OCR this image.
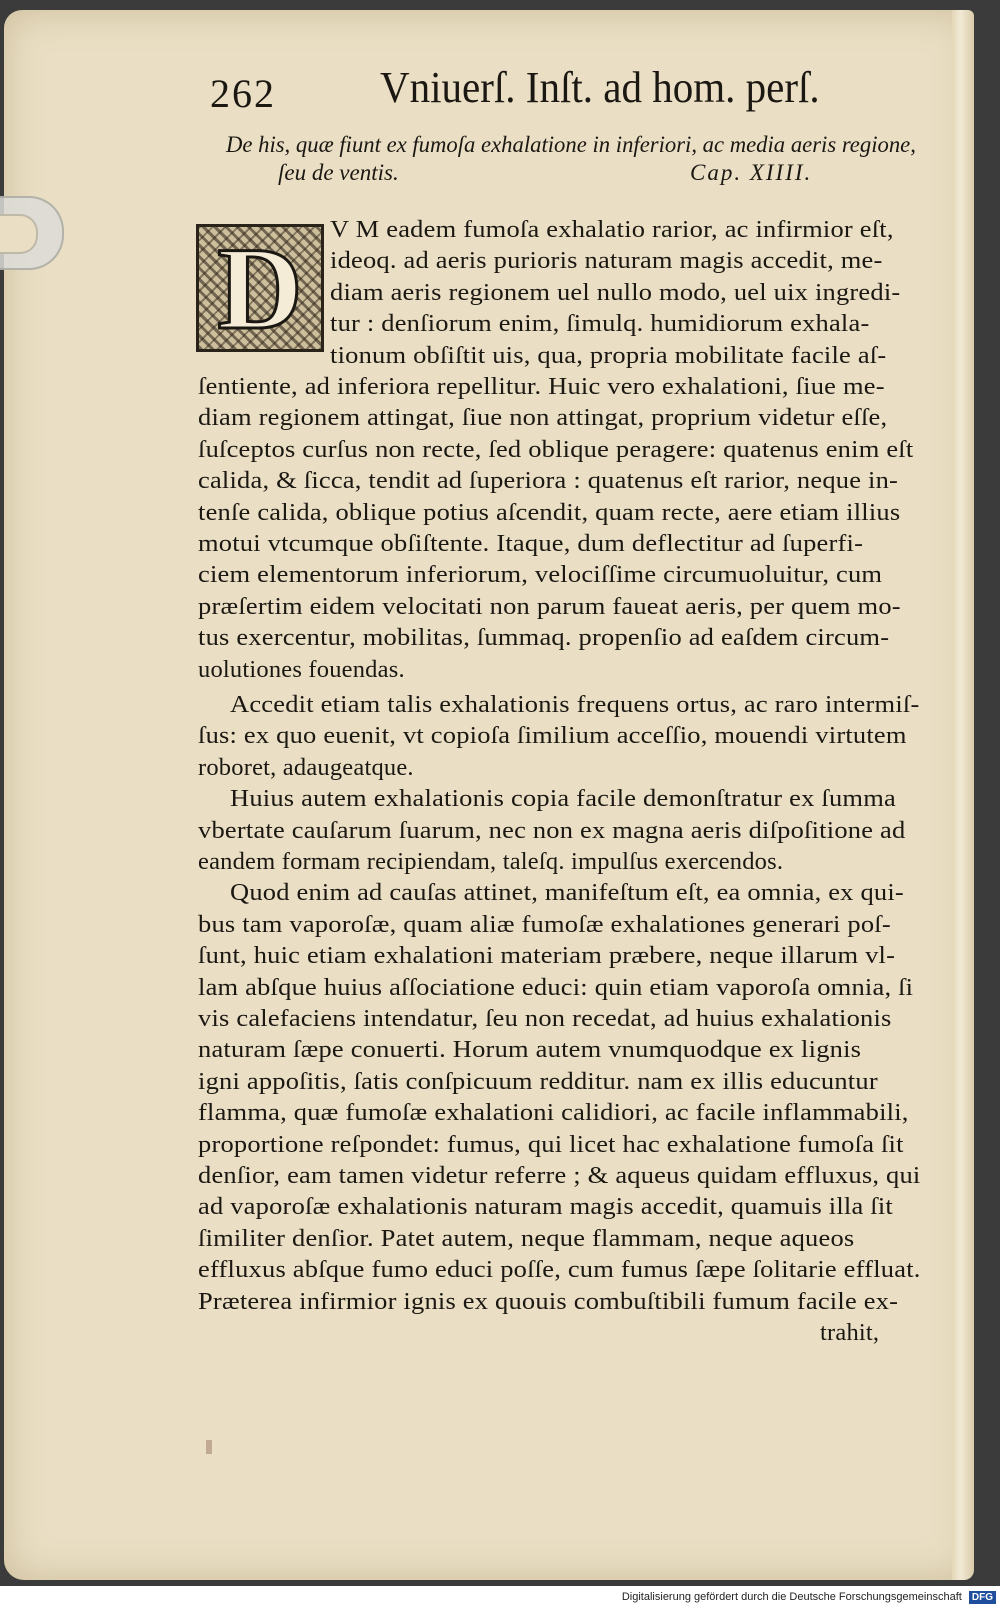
262 Vniuerſ. Inſt. ad hom. perſ.
De his, quæ fiunt ex fumoſa exhalatione in inferiori, ac media aeris regione,
ſeu de ventis.	Cap. XIIII.
D	V M eadem fumoſa exhalatio rarior, ac infirmior eſt,
ideoq. ad aeris purioris naturam magis accedit, me-
diam aeris regionem uel nullo modo, uel uix ingredi-
tur : denſiorum enim, ſimulq. humidiorum exhala-
tionum obſiſtit uis, qua, propria mobilitate facile aſ-
ſentiente, ad inferiora repellitur. Huic vero exhalationi, ſiue me-
diam regionem attingat, ſiue non attingat, proprium videtur eſſe,
ſuſceptos curſus non recte, ſed oblique peragere: quatenus enim eſt
calida, & ſicca, tendit ad ſuperiora : quatenus eſt rarior, neque in-
tenſe calida, oblique potius aſcendit, quam recte, aere etiam illius
motui vtcumque obſiſtente. Itaque, dum deflectitur ad ſuperfi-
ciem elementorum inferiorum, velociſſime circumuoluitur, cum
præſertim eidem velocitati non parum faueat aeris, per quem mo-
tus exercentur, mobilitas, ſummaq. propenſio ad eaſdem circum-
uolutiones fouendas.
Accedit etiam talis exhalationis frequens ortus, ac raro intermiſ-
ſus: ex quo euenit, vt copioſa ſimilium acceſſio, mouendi virtutem
roboret, adaugeatque.
Huius autem exhalationis copia facile demonſtratur ex ſumma
vbertate cauſarum ſuarum, nec non ex magna aeris diſpoſitione ad
eandem formam recipiendam, taleſq. impulſus exercendos.
Quod enim ad cauſas attinet, manifeſtum eſt, ea omnia, ex qui-
bus tam vaporoſæ, quam aliæ fumoſæ exhalationes generari poſ-
ſunt, huic etiam exhalationi materiam præbere, neque illarum vl-
lam abſque huius aſſociatione educi: quin etiam vaporoſa omnia, ſi
vis calefaciens intendatur, ſeu non recedat, ad huius exhalationis
naturam ſæpe conuerti. Horum autem vnumquodque ex lignis
igni appoſitis, ſatis conſpicuum redditur. nam ex illis educuntur
flamma, quæ fumoſæ exhalationi calidiori, ac facile inflammabili,
proportione reſpondet: fumus, qui licet hac exhalatione fumoſa ſit
denſior, eam tamen videtur referre ; & aqueus quidam effluxus, qui
ad vaporoſæ exhalationis naturam magis accedit, quamuis illa ſit
ſimiliter denſior. Patet autem, neque flammam, neque aqueos
effluxus abſque fumo educi poſſe, cum fumus ſæpe ſolitarie effluat.
Præterea infirmior ignis ex quouis combuſtibili fumum facile ex-
trahit,
Digitalisierung gefördert durch die Deutsche Forschungsgemeinschaft DFG
